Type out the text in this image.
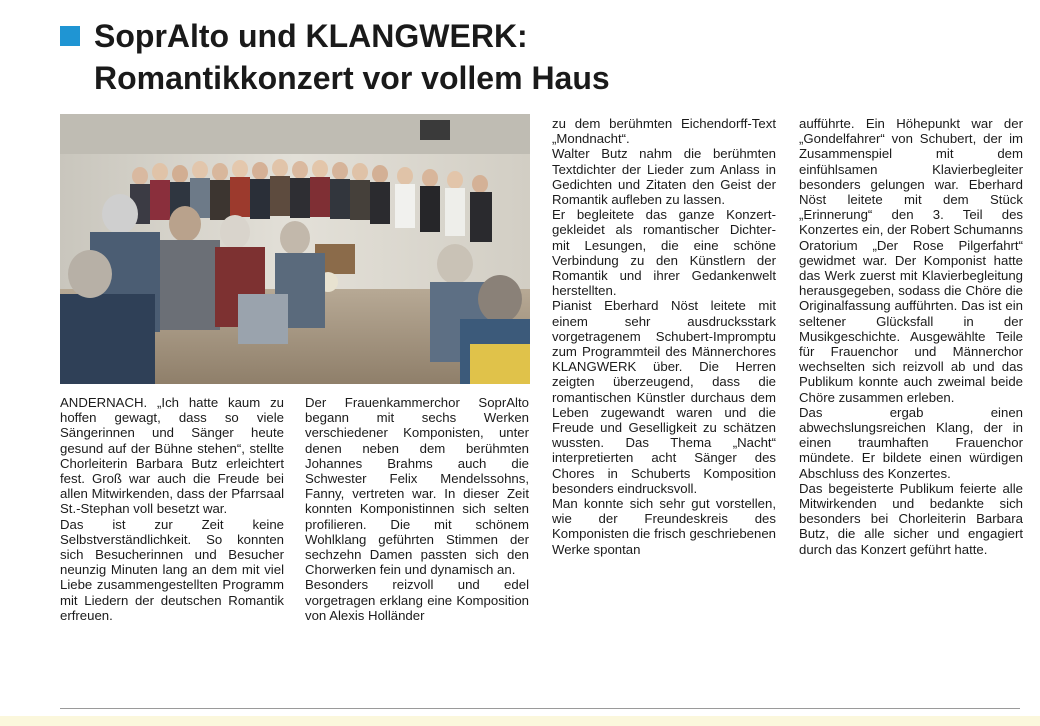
SoprAlto und KLANGWERK:
Romantikkonzert vor vollem Haus

ANDERNACH. „Ich hatte kaum zu hoffen gewagt, dass so viele Sängerinnen und Sänger heute gesund auf der Bühne stehen“, stellte Chorleiterin Barbara Butz erleichtert fest. Groß war auch die Freude bei allen Mitwirkenden, dass der Pfarrsaal St.-Stephan voll besetzt war.

Das ist zur Zeit keine Selbstverständlichkeit. So konnten sich Besucherinnen und Besucher neunzig Minuten lang an dem mit viel Liebe zusammengestellten Programm mit Liedern der deutschen Romantik erfreuen.

Der Frauenkammerchor SoprAlto begann mit sechs Werken verschiedener Komponisten, unter denen neben dem berühmten Johannes Brahms auch die Schwester Felix Mendelssohns, Fanny, vertreten war. In dieser Zeit konnten Komponistinnen sich selten profilieren. Die mit schönem Wohlklang geführten Stimmen der sechzehn Damen passten sich den Chorwerken fein und dynamisch an.

Besonders reizvoll und edel vorgetragen erklang eine Komposition von Alexis Holländer

zu dem berühmten Eichendorff-Text „Mondnacht“.

Walter Butz nahm die berühmten Textdichter der Lieder zum Anlass in Gedichten und Zitaten den Geist der Romantik aufleben zu lassen.

Er begleitete das ganze Konzert- gekleidet als romantischer Dichter- mit Lesungen, die eine schöne Verbindung zu den Künstlern der Romantik und ihrer Gedankenwelt herstellten.

Pianist Eberhard Nöst leitete mit einem sehr ausdrucksstark vorgetragenem Schubert-Impromptu zum Programmteil des Männerchores KLANGWERK über. Die Herren zeigten überzeugend, dass die romantischen Künstler durchaus dem Leben zugewandt waren und die Freude und Geselligkeit zu schätzen wussten. Das Thema „Nacht“ interpretierten acht Sänger des Chores in Schuberts Komposition besonders eindrucksvoll.

Man konnte sich sehr gut vorstellen, wie der Freundeskreis des Komponisten die frisch geschriebenen Werke spontan

aufführte. Ein Höhepunkt war der „Gondelfahrer“ von Schubert, der im Zusammenspiel mit dem einfühlsamen Klavierbegleiter besonders gelungen war. Eberhard Nöst leitete mit dem Stück „Erinnerung“ den 3. Teil des Konzertes ein, der Robert Schumanns Oratorium „Der Rose Pilgerfahrt“ gewidmet war. Der Komponist hatte das Werk zuerst mit Klavierbegleitung herausgegeben, sodass die Chöre die Originalfassung aufführten. Das ist ein seltener Glücksfall in der Musikgeschichte. Ausgewählte Teile für Frauenchor und Männerchor wechselten sich reizvoll ab und das Publikum konnte auch zweimal beide Chöre zusammen erleben.

Das ergab einen abwechslungsreichen Klang, der in einen traumhaften Frauenchor mündete. Er bildete einen würdigen Abschluss des Konzertes.

Das begeisterte Publikum feierte alle Mitwirkenden und bedankte sich besonders bei Chorleiterin Barbara Butz, die alle sicher und engagiert durch das Konzert geführt hatte.
